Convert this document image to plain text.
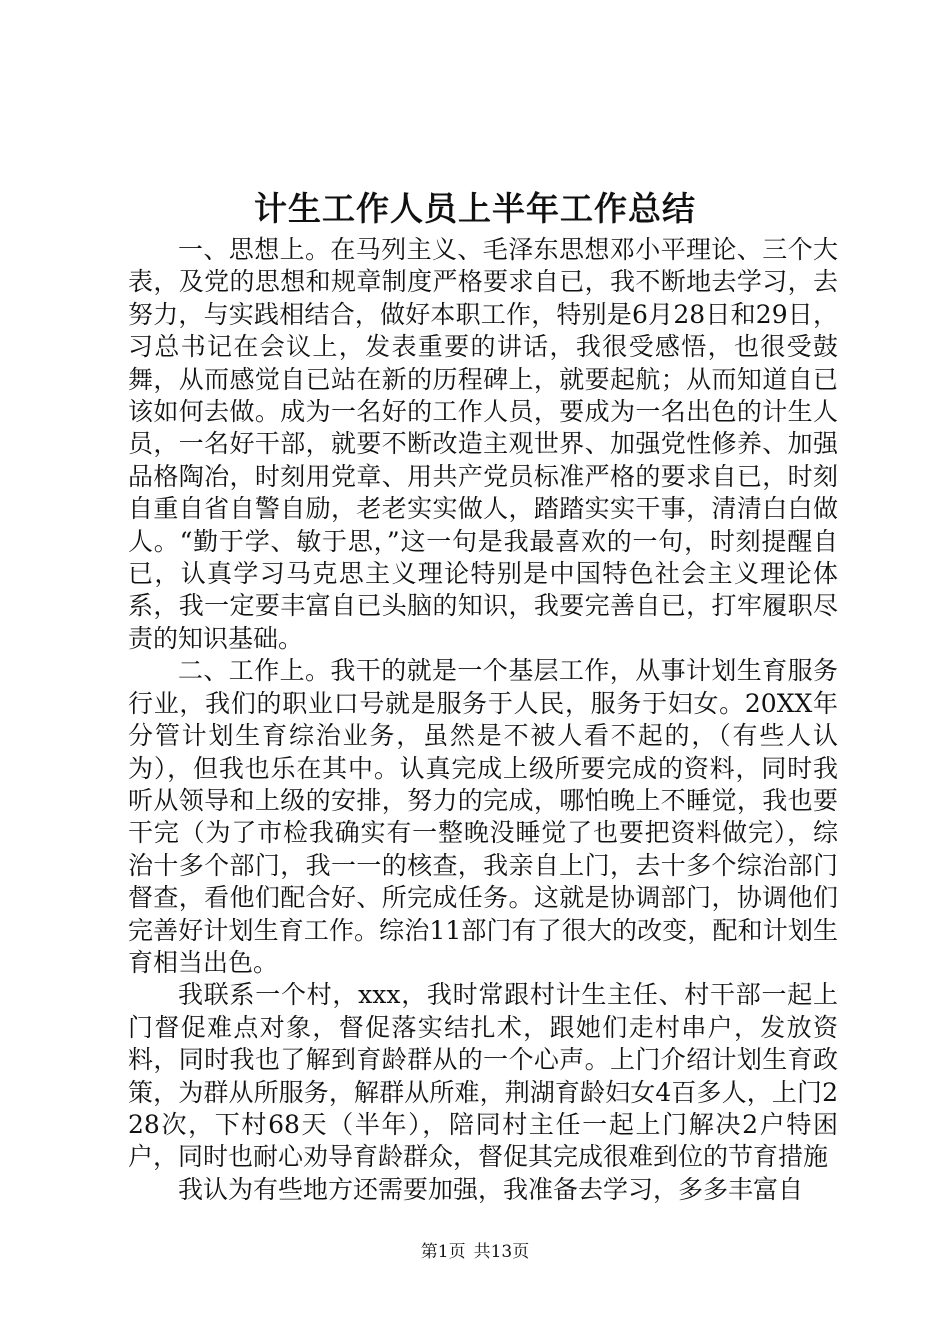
计生工作人员上半年工作总结

一、思想上。在马列主义、毛泽东思想邓小平理论、三个大表，及党的思想和规章制度严格要求自已，我不断地去学习，去努力，与实践相结合，做好本职工作，特别是6月28日和29日，习总书记在会议上，发表重要的讲话，我很受感悟，也很受鼓舞，从而感觉自已站在新的历程碑上，就要起航；从而知道自已该如何去做。成为一名好的工作人员，要成为一名出色的计生人员，一名好干部，就要不断改造主观世界、加强党性修养、加强品格陶冶，时刻用党章、用共产党员标准严格的要求自已，时刻自重自省自警自励，老老实实做人，踏踏实实干事，清清白白做人。“勤于学、敏于思，”这一句是我最喜欢的一句，时刻提醒自已，认真学习马克思主义理论特别是中国特色社会主义理论体系，我一定要丰富自已头脑的知识，我要完善自已，打牢履职尽责的知识基础。

二、工作上。我干的就是一个基层工作，从事计划生育服务行业，我们的职业口号就是服务于人民，服务于妇女。20XX年分管计划生育综治业务，虽然是不被人看不起的，（有些人认为），但我也乐在其中。认真完成上级所要完成的资料，同时我听从领导和上级的安排，努力的完成，哪怕晚上不睡觉，我也要干完（为了市检我确实有一整晚没睡觉了也要把资料做完），综治十多个部门，我一一的核查，我亲自上门，去十多个综治部门督查，看他们配合好、所完成任务。这就是协调部门，协调他们完善好计划生育工作。综治11部门有了很大的改变，配和计划生育相当出色。

我联系一个村，xxx，我时常跟村计生主任、村干部一起上门督促难点对象，督促落实结扎术，跟她们走村串户，发放资料，同时我也了解到育龄群从的一个心声。上门介绍计划生育政策，为群从所服务，解群从所难，荆湖育龄妇女4百多人，上门228次，下村68天（半年），陪同村主任一起上门解决2户特困户，同时也耐心劝导育龄群众，督促其完成很难到位的节育措施

我认为有些地方还需要加强，我准备去学习，多多丰富自

第1页 共13页
